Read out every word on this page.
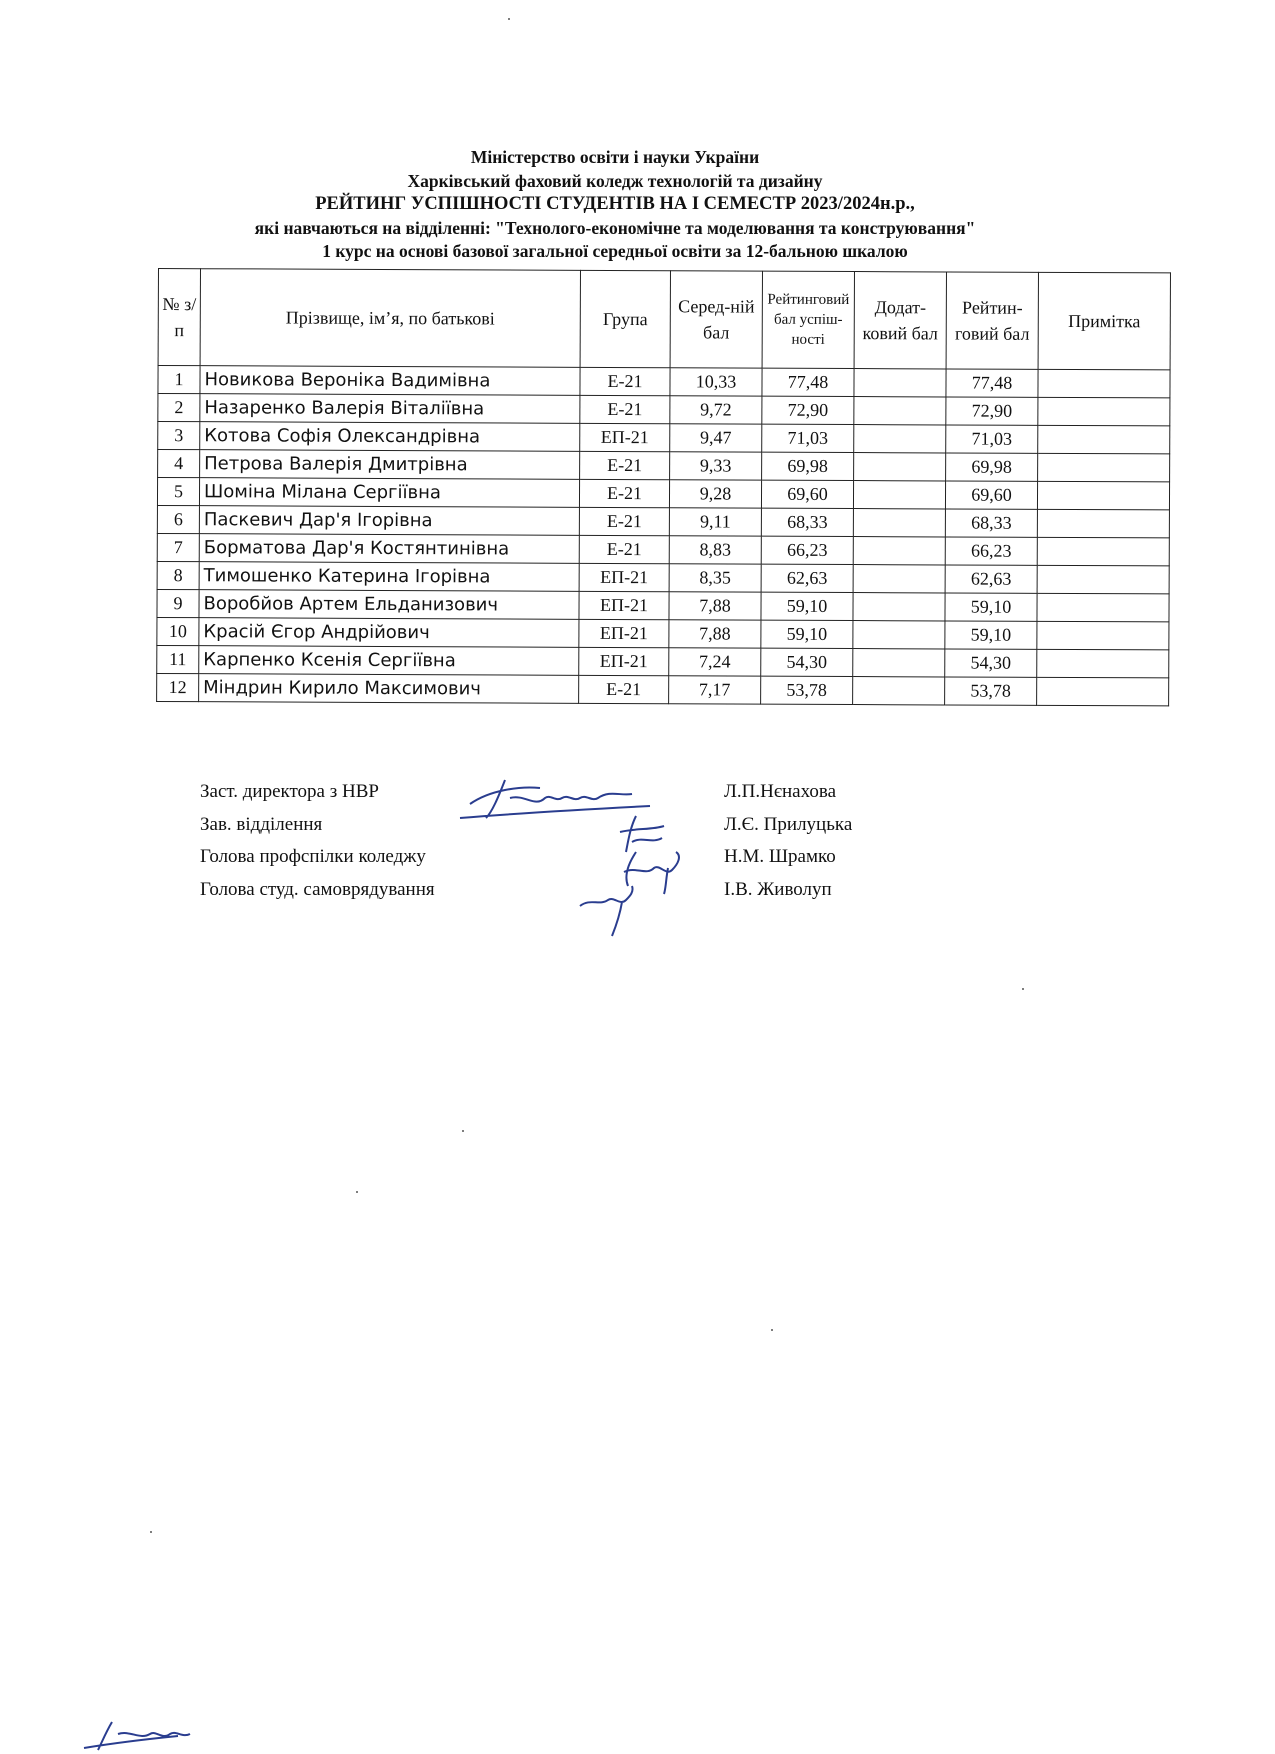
Міністерство освіти і науки України
Харківський фаховий коледж технологій та дизайну
РЕЙТИНГ УСПІШНОСТІ СТУДЕНТІВ НА І СЕМЕСТР 2023/2024н.р.,
які навчаються на відділенні: "Технолого-економічне та моделювання та конструювання"
1 курс на основі базової загальної середньої освіти за 12-бальною шкалою
№ з/п	Прізвище, ім’я, по батькові	Група	Серед-ній бал	Рейтинговий бал успіш-ності	Додат-ковий бал	Рейтин-говий бал	Примітка
1	Новикова Вероніка Вадимівна	Е-21	10,33	77,48		77,48	
2	Назаренко Валерія Віталіївна	Е-21	9,72	72,90		72,90	
3	Котова Софія Олександрівна	ЕП-21	9,47	71,03		71,03	
4	Петрова Валерія Дмитрівна	Е-21	9,33	69,98		69,98	
5	Шоміна Мілана Сергіївна	Е-21	9,28	69,60		69,60	
6	Паскевич Дар'я Ігорівна	Е-21	9,11	68,33		68,33	
7	Борматова Дар'я Костянтинівна	Е-21	8,83	66,23		66,23	
8	Тимошенко Катерина Ігорівна	ЕП-21	8,35	62,63		62,63	
9	Воробйов Артем Ельданизович	ЕП-21	7,88	59,10		59,10	
10	Красій Єгор Андрійович	ЕП-21	7,88	59,10		59,10	
11	Карпенко Ксенія Сергіївна	ЕП-21	7,24	54,30		54,30	
12	Міндрин Кирило Максимович	Е-21	7,17	53,78		53,78	
Заст. директора з НВР
Зав. відділення
Голова профспілки коледжу
Голова студ. самоврядування
Л.П.Нєнахова
Л.Є. Прилуцька
Н.М. Шрамко
І.В. Живолуп
